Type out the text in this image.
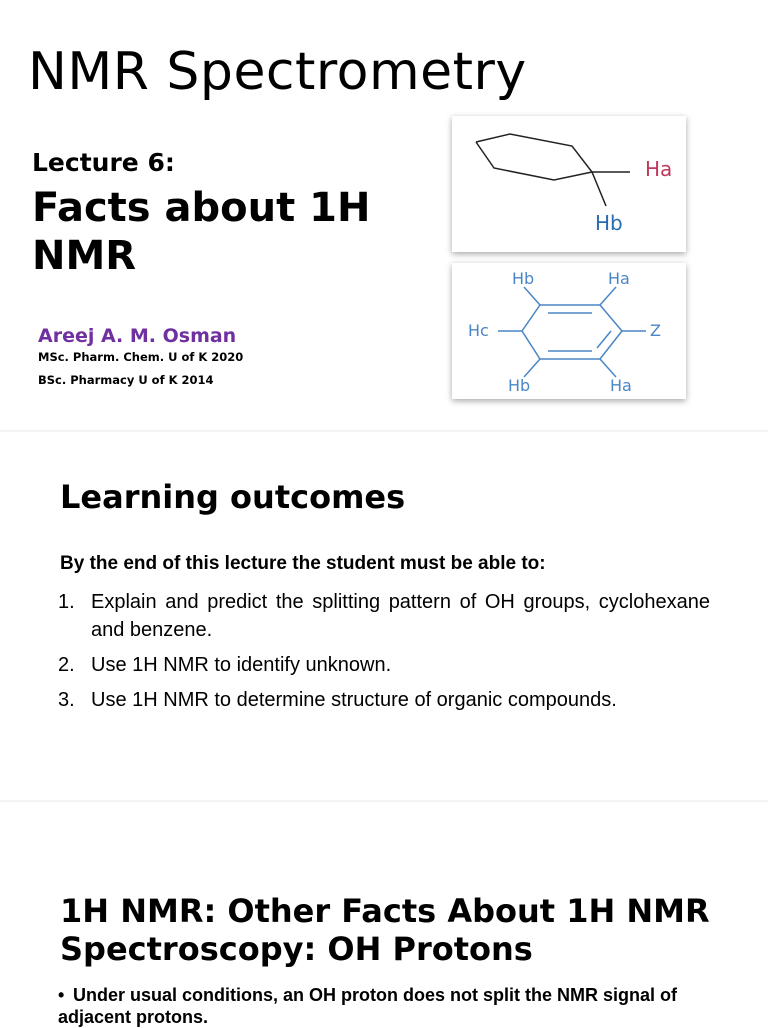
NMR Spectrometry
Lecture 6:
Facts about 1H NMR
Areej A. M. Osman
MSc. Pharm. Chem. U of K 2020
BSc. Pharmacy U of K 2014
Ha
Hb
Hb	Ha
Hc	Z
Hb	Ha
Learning outcomes
By the end of this lecture the student must be able to:
1. Explain and predict the splitting pattern of OH groups, cyclohexane and benzene.
2. Use 1H NMR to identify unknown.
3. Use 1H NMR to determine structure of organic compounds.
1H NMR: Other Facts About 1H NMR Spectroscopy: OH Protons
• Under usual conditions, an OH proton does not split the NMR signal of adjacent protons.
